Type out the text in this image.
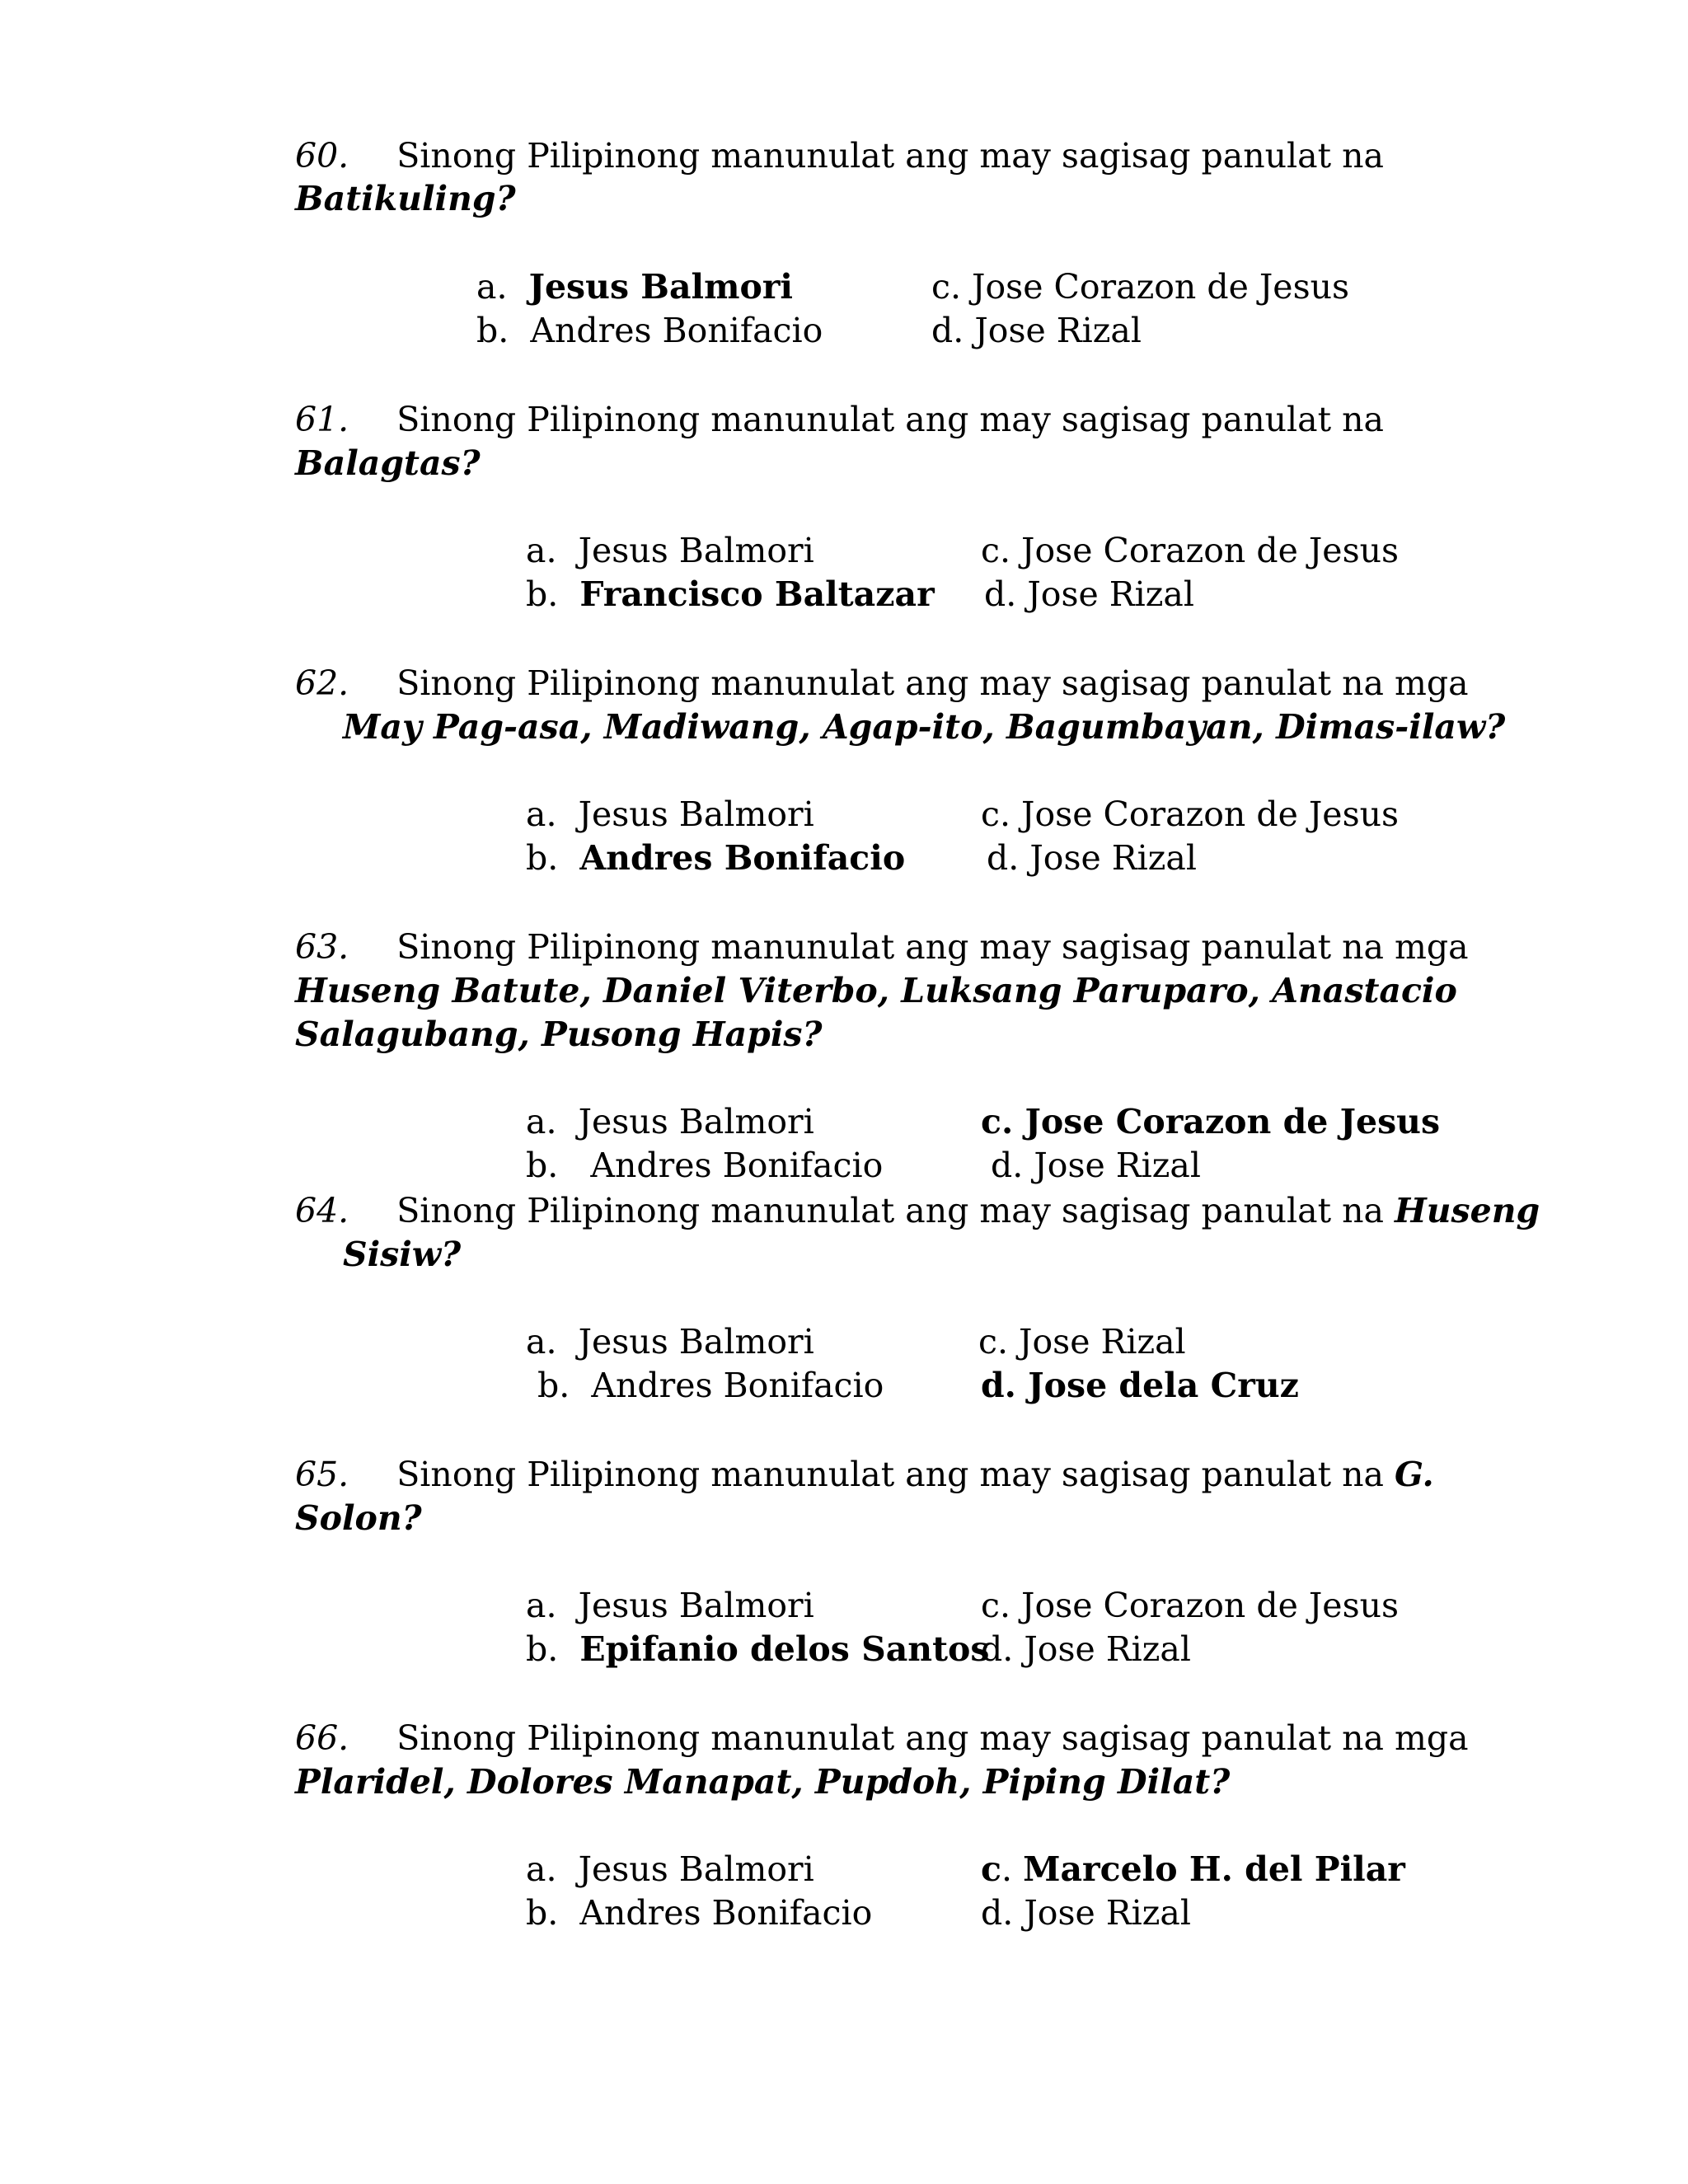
60. Sinong Pilipinong manunulat ang may sagisag panulat na
Batikuling?
a. Jesus Balmori
b. Andres Bonifacio
c. Jose Corazon de Jesus
d. Jose Rizal
61. Sinong Pilipinong manunulat ang may sagisag panulat na
Balagtas?
a. Jesus Balmori
b. Francisco Baltazar
c. Jose Corazon de Jesus
d. Jose Rizal
62. Sinong Pilipinong manunulat ang may sagisag panulat na mga
May Pag-asa, Madiwang, Agap-ito, Bagumbayan, Dimas-ilaw?
a. Jesus Balmori
b. Andres Bonifacio
c. Jose Corazon de Jesus
d. Jose Rizal
63. Sinong Pilipinong manunulat ang may sagisag panulat na mga
Huseng Batute, Daniel Viterbo, Luksang Paruparo, Anastacio
Salagubang, Pusong Hapis?
a. Jesus Balmori
b. Andres Bonifacio
c. Jose Corazon de Jesus
d. Jose Rizal
64. Sinong Pilipinong manunulat ang may sagisag panulat na Huseng
Sisiw?
a. Jesus Balmori
b. Andres Bonifacio
c. Jose Rizal
d. Jose dela Cruz
65. Sinong Pilipinong manunulat ang may sagisag panulat na G.
Solon?
a. Jesus Balmori
b. Epifanio delos Santos
c. Jose Corazon de Jesus
d. Jose Rizal
66. Sinong Pilipinong manunulat ang may sagisag panulat na mga
Plaridel, Dolores Manapat, Pupdoh, Piping Dilat?
a. Jesus Balmori
b. Andres Bonifacio
c. Marcelo H. del Pilar
d. Jose Rizal
